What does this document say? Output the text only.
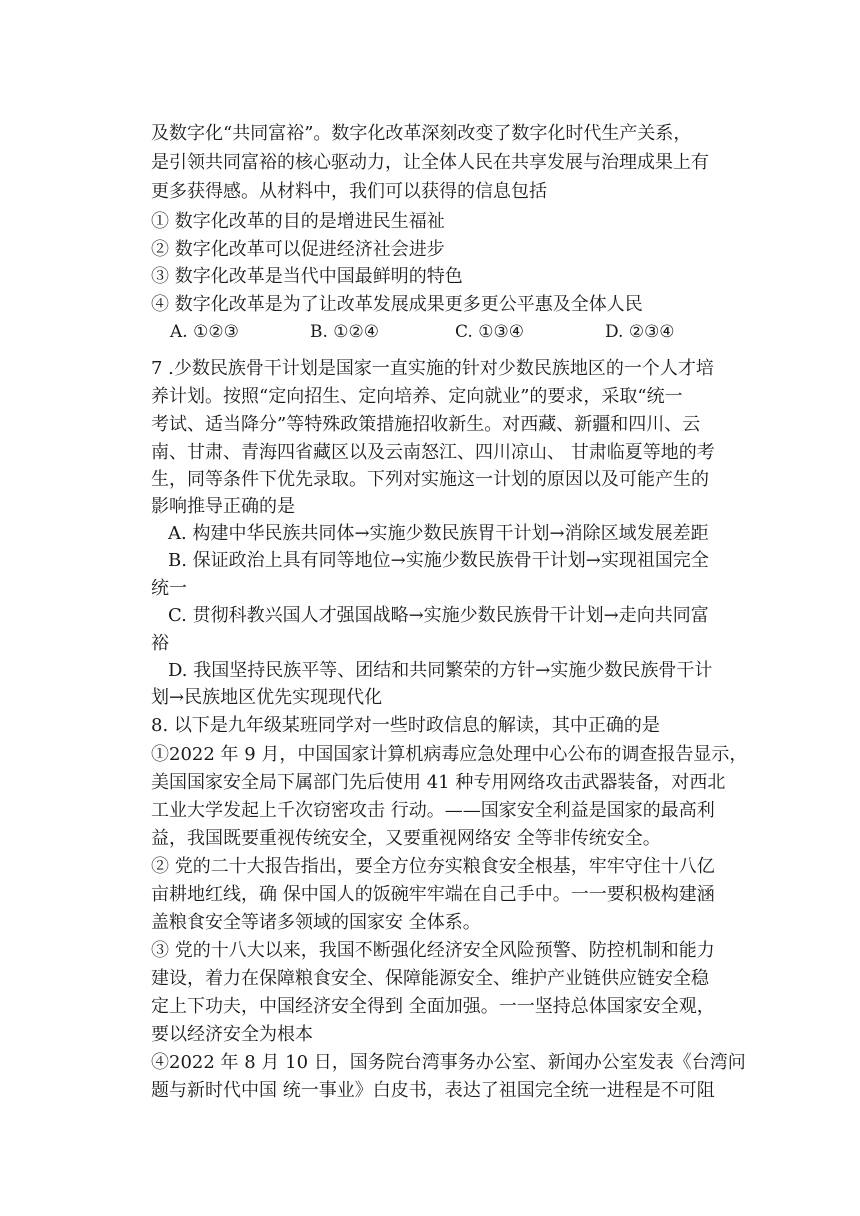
及数字化“共同富裕”。数字化改革深刻改变了数字化时代生产关系，
是引领共同富裕的核心驱动力，让全体人民在共享发展与治理成果上有
更多获得感。从材料中，我们可以获得的信息包括
① 数字化改革的目的是增进民生福祉
② 数字化改革可以促进经济社会进步
③ 数字化改革是当代中国最鲜明的特色
④ 数字化改革是为了让改革发展成果更多更公平惠及全体人民
A. ①②③	B. ①②④	C. ①③④	D. ②③④
7 .少数民族骨干计划是国家一直实施的针对少数民族地区的一个人才培
养计划。按照“定向招生、定向培养、定向就业”的要求，采取“统一
考试、适当降分”等特殊政策措施招收新生。对西藏、新疆和四川、云
南、甘肃、青海四省藏区以及云南怒江、四川凉山、 甘肃临夏等地的考
生，同等条件下优先录取。下列对实施这一计划的原因以及可能产生的
影响推导正确的是
A. 构建中华民族共同体→实施少数民族胃干计划→消除区域发展差距
B. 保证政治上具有同等地位→实施少数民族骨干计划→实现祖国完全
统一
C. 贯彻科教兴国人才强国战略→实施少数民族骨干计划→走向共同富
裕
D. 我国坚持民族平等、团结和共同繁荣的方针→实施少数民族骨干计
划→民族地区优先实现现代化
8. 以下是九年级某班同学对一些时政信息的解读，其中正确的是
①2022 年 9 月，中国国家计算机病毒应急处理中心公布的调查报告显示，
美国国家安全局下属部门先后使用 41 种专用网络攻击武器装备，对西北
工业大学发起上千次窃密攻击 行动。——国家安全利益是国家的最高利
益，我国既要重视传统安全，又要重视网络安 全等非传统安全。
② 党的二十大报告指出，要全方位夯实粮食安全根基，牢牢守住十八亿
亩耕地红线，确 保中国人的饭碗牢牢端在自己手中。一一要积极构建涵
盖粮食安全等诸多领域的国家安 全体系。
③ 党的十八大以来，我国不断强化经济安全风险预警、防控机制和能力
建设，着力在保障粮食安全、保障能源安全、维护产业链供应链安全稳
定上下功夫，中国经济安全得到 全面加强。一一坚持总体国家安全观，
要以经济安全为根本
④2022 年 8 月 10 日，国务院台湾事务办公室、新闻办公室发表《台湾问
题与新时代中国 统一事业》白皮书，表达了祖国完全统一进程是不可阻
